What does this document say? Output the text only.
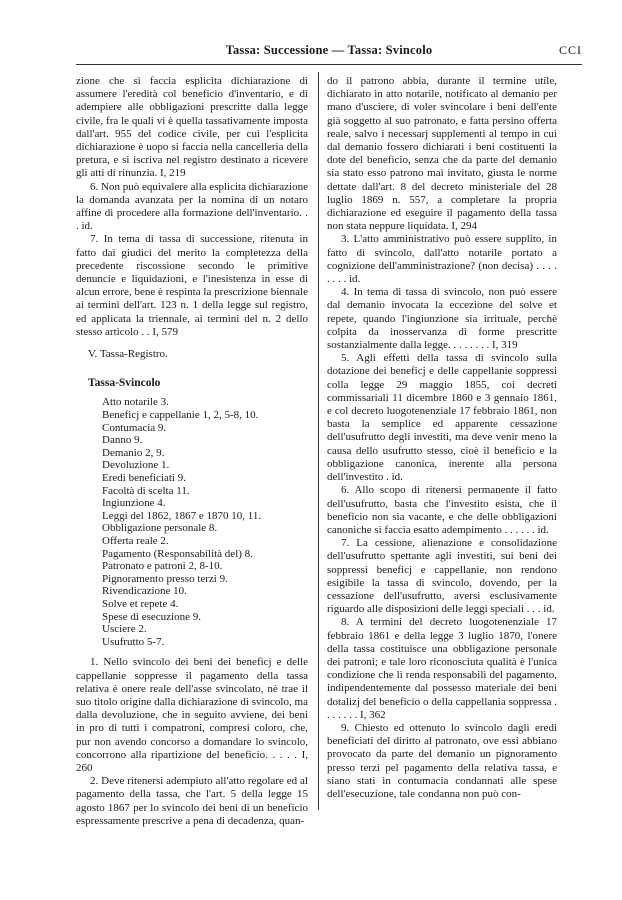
Tassa: Successione — Tassa: Svincolo	CCI

zione che si faccia esplicita dichiarazione di assumere l'eredità col beneficio d'inventario, e di adempiere alle obbligazioni prescritte dalla legge civile, fra le quali vi è quella tassativamente imposta dall'art. 955 del codice civile, per cui l'esplicita dichiarazione è uopo si faccia nella cancelleria della pretura, e si iscriva nel registro destinato a ricevere gli atti di rinunzia. I, 219

6. Non può equivalere alla esplicita dichiarazione la domanda avanzata per la nomina di un notaro affine di procedere alla formazione dell'inventario. . . id.

7. In tema di tassa di successione, ritenuta in fatto dai giudici del merito la completezza della precedente riscossione secondo le primitive denuncie e liquidazioni, e l'inesistenza in esse di alcun errore, bene è respinta la prescrizione biennale ai termini dell'art. 123 n. 1 della legge sul registro, ed applicata la triennale, ai termini del n. 2 dello stesso articolo . . I, 579

V. Tassa-Registro.
Tassa-Svincolo
Atto notarile 3.
Beneficj e cappellanie 1, 2, 5-8, 10.
Contumacia 9.
Danno 9.
Demanio 2, 9.
Devoluzione 1.
Eredi beneficiati 9.
Facoltà di scelta 11.
Ingiunzione 4.
Leggi del 1862, 1867 e 1870 10, 11.
Obbligazione personale 8.
Offerta reale 2.
Pagamento (Responsabilità del) 8.
Patronato e patroni 2, 8-10.
Pignoramento presso terzi 9.
Rivendicazione 10.
Solve et repete 4.
Spese di esecuzione 9.
Usciere 2.
Usufrutto 5-7.

1. Nello svincolo dei beni dei beneficj e delle cappellanie soppresse il pagamento della tassa relativa è onere reale dell'asse svincolato, nè trae il suo titolo origine dalla dichiarazione di svincolo, ma dalla devoluzione, che in seguito avviene, dei beni in pro di tutti i compatroni, compresi coloro, che, pur non avendo concorso a domandare lo svincolo, concorrono alla ripartizione del beneficio. . . . . I, 260

2. Deve ritenersi adempiuto all'atto regolare ed al pagamento della tassa, che l'art. 5 della legge 15 agosto 1867 per lo svincolo dei beni di un beneficio espressamente prescrive a pena di decadenza, quan-

do il patrono abbia, durante il termine utile, dichiarato in atto notarile, notificato al demanio per mano d'usciere, di voler svincolare i beni dell'ente già soggetto al suo patronato, e fatta persino offerta reale, salvo i necessarj supplementi al tempo in cui dal demanio fossero dichiarati i beni costituenti la dote del beneficio, senza che da parte del demanio sia stato esso patrono mai invitato, giusta le norme dettate dall'art. 8 del decreto ministeriale del 28 luglio 1869 n. 557, a completare la propria dichiarazione ed eseguire il pagamento della tassa non stata neppure liquidata. I, 294

3. L'atto amministrativo può essere supplito, in fatto di svincolo, dall'atto notarile portato a cognizione dell'amministrazione? (non decisa) . . . . . . . . id.

4. In tema di tassa di svincolo, non può essere dal demanio invocata la eccezione del solve et repete, quando l'ingiunzione sia irrituale, perchè colpita da inosservanza di forme prescritte sostanzialmente dalla legge. . . . . . . . I, 319

5. Agli effetti della tassa di svincolo sulla dotazione dei beneficj e delle cappellanie soppressi colla legge 29 maggio 1855, coi decreti commissariali 11 dicembre 1860 e 3 gennaio 1861, e col decreto luogotenenziale 17 febbraio 1861, non basta la semplice ed apparente cessazione dell'usufrutto degli investiti, ma deve venir meno la causa dello usufrutto stesso, cioè il beneficio e la obbligazione canonica, inerente alla persona dell'investito . id.

6. Allo scopo di ritenersi permanente il fatto dell'usufrutto, basta che l'investito esista, che il beneficio non sia vacante, e che delle obbligazioni canoniche si faccia esatto adempimento . . . . . . id.

7. La cessione, alienazione e consolidazione dell'usufrutto spettante agli investiti, sui beni dei soppressi beneficj e cappellanie, non rendono esigibile la tassa di svincolo, dovendo, per la cessazione dell'usufrutto, aversi esclusivamente riguardo alle disposizioni delle leggi speciali . . . id.

8. A termini del decreto luogotenenziale 17 febbraio 1861 e della legge 3 luglio 1870, l'onere della tassa costituisce una obbligazione personale dei patroni; e tale loro riconosciuta qualità è l'unica condizione che li renda responsabili del pagamento, indipendentemente dal possesso materiale dei beni dotalizj del beneficio o della cappellania soppressa . . . . . . . I, 362

9. Chiesto ed ottenuto lo svincolo dagli eredi beneficiati del diritto al patronato, ove essi abbiano provocato da parte del demanio un pignoramento presso terzi pel pagamento della relativa tassa, e siano stati in contumacia condannati alle spese dell'esecuzione, tale condanna non può con-
